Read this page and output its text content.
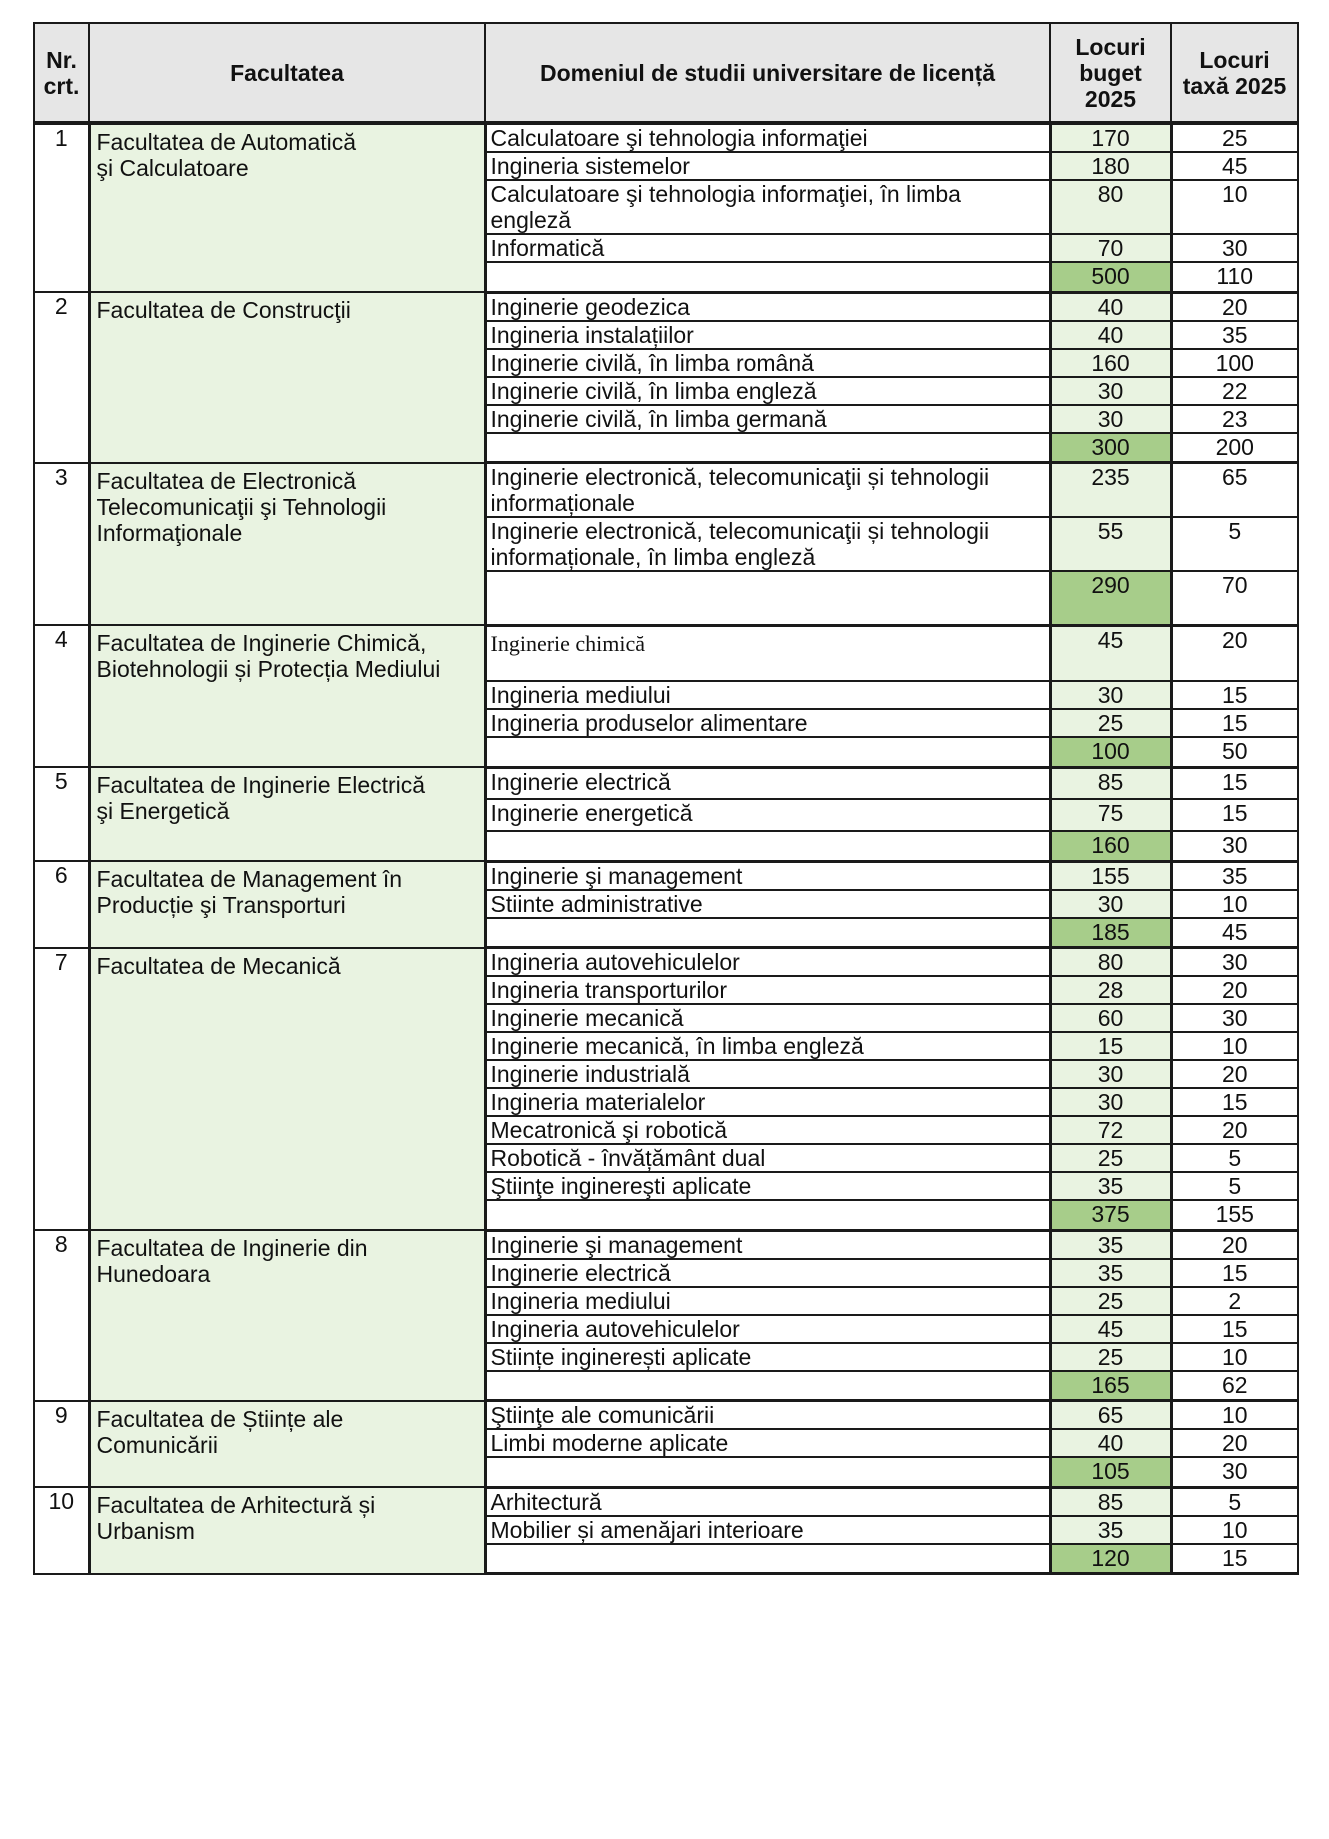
Nr.
crt.	Facultatea	Domeniul de studii universitare de licență	Locuri
buget
2025	Locuri
taxă 2025
1	Facultatea de Automatică
şi Calculatoare	Calculatoare şi tehnologia informaţiei	170	25
		Ingineria sistemelor	180	45
		Calculatoare şi tehnologia informaţiei, în limba engleză	80	10
		Informatică	70	30
			500	110
2	Facultatea de Construcţii	Inginerie geodezica	40	20
		Ingineria instalațiilor	40	35
		Inginerie civilă, în limba română	160	100
		Inginerie civilă, în limba engleză	30	22
		Inginerie civilă, în limba germană	30	23
			300	200
3	Facultatea de Electronică
Telecomunicaţii şi Tehnologii
Informaţionale	Inginerie electronică, telecomunicaţii și tehnologii informaționale	235	65
		Inginerie electronică, telecomunicaţii și tehnologii informaționale, în limba engleză	55	5
			290	70
4	Facultatea de Inginerie Chimică,
Biotehnologii și Protecția Mediului	Inginerie chimică	45	20
		Ingineria mediului	30	15
		Ingineria produselor alimentare	25	15
			100	50
5	Facultatea de Inginerie Electrică
şi Energetică	Inginerie electrică	85	15
		Inginerie energetică	75	15
			160	30
6	Facultatea de Management în
Producție şi Transporturi	Inginerie şi management	155	35
		Stiinte administrative	30	10
			185	45
7	Facultatea de Mecanică	Ingineria autovehiculelor	80	30
		Ingineria transporturilor	28	20
		Inginerie mecanică	60	30
		Inginerie mecanică, în limba engleză	15	10
		Inginerie industrială	30	20
		Ingineria materialelor	30	15
		Mecatronică şi robotică	72	20
		Robotică - învățământ dual	25	5
		Ştiinţe inginereşti aplicate	35	5
			375	155
8	Facultatea de Inginerie din
Hunedoara	Inginerie şi management	35	20
		Inginerie electrică	35	15
		Ingineria mediului	25	2
		Ingineria autovehiculelor	45	15
		Stiințe inginerești aplicate	25	10
			165	62
9	Facultatea de Științe ale
Comunicării	Ştiinţe ale comunicării	65	10
		Limbi moderne aplicate	40	20
			105	30
10	Facultatea de Arhitectură și
Urbanism	Arhitectură	85	5
		Mobilier și amenăjari interioare	35	10
			120	15
